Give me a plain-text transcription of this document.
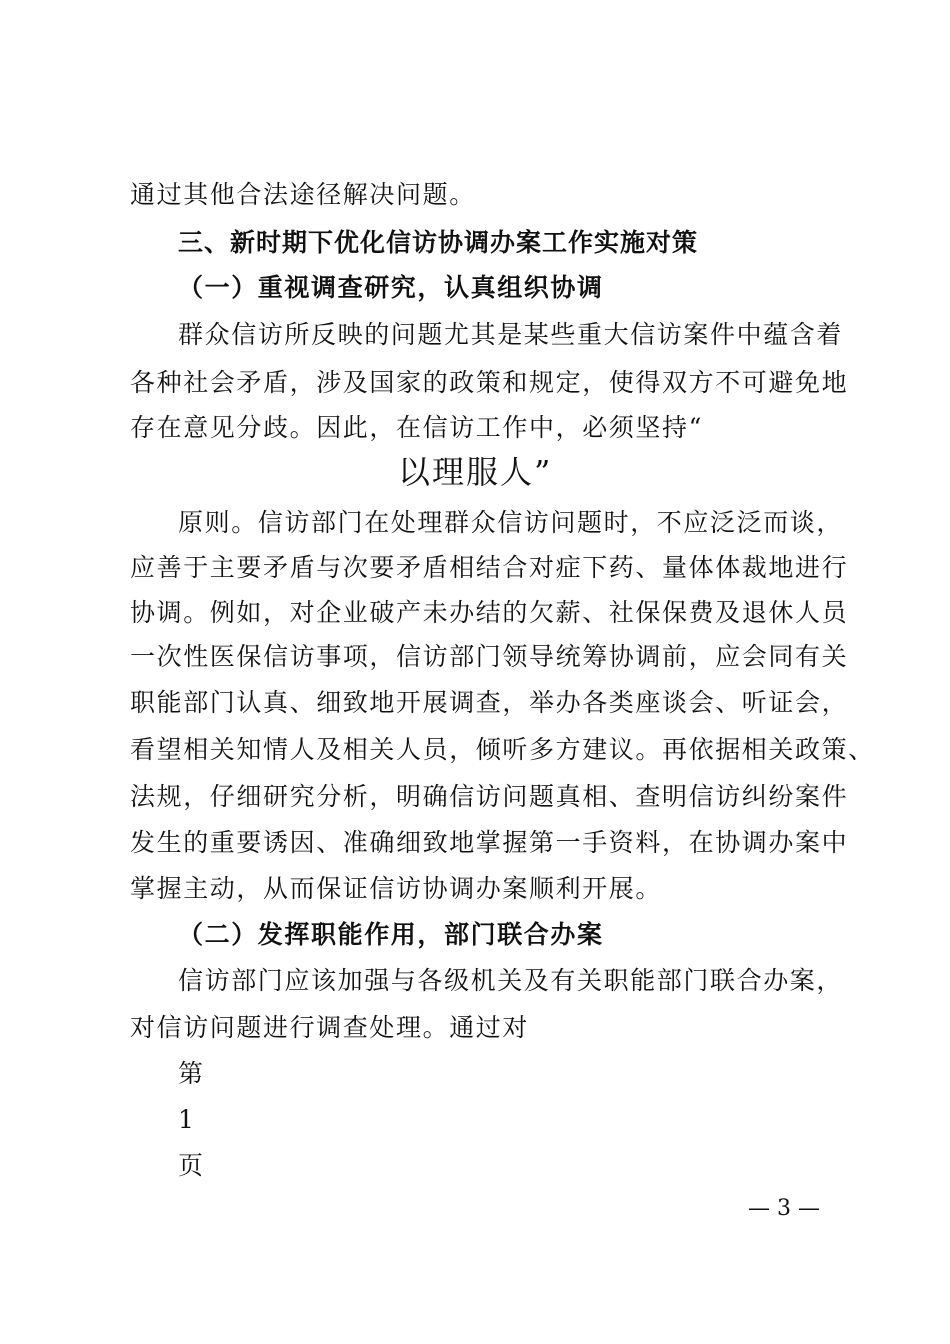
通过其他合法途径解决问题。
三、新时期下优化信访协调办案工作实施对策
（一）重视调查研究，认真组织协调
群众信访所反映的问题尤其是某些重大信访案件中蕴含着
各种社会矛盾，涉及国家的政策和规定，使得双方不可避免地
存在意见分歧。因此，在信访工作中，必须坚持“
以理服人”
原则。信访部门在处理群众信访问题时，不应泛泛而谈，
应善于主要矛盾与次要矛盾相结合对症下药、量体体裁地进行
协调。例如，对企业破产未办结的欠薪、社保保费及退休人员
一次性医保信访事项，信访部门领导统筹协调前，应会同有关
职能部门认真、细致地开展调查，举办各类座谈会、听证会，
看望相关知情人及相关人员，倾听多方建议。再依据相关政策、
法规，仔细研究分析，明确信访问题真相、查明信访纠纷案件
发生的重要诱因、准确细致地掌握第一手资料，在协调办案中
掌握主动，从而保证信访协调办案顺利开展。
（二）发挥职能作用，部门联合办案
信访部门应该加强与各级机关及有关职能部门联合办案，
对信访问题进行调查处理。通过对
第
1
页
— 3 —
